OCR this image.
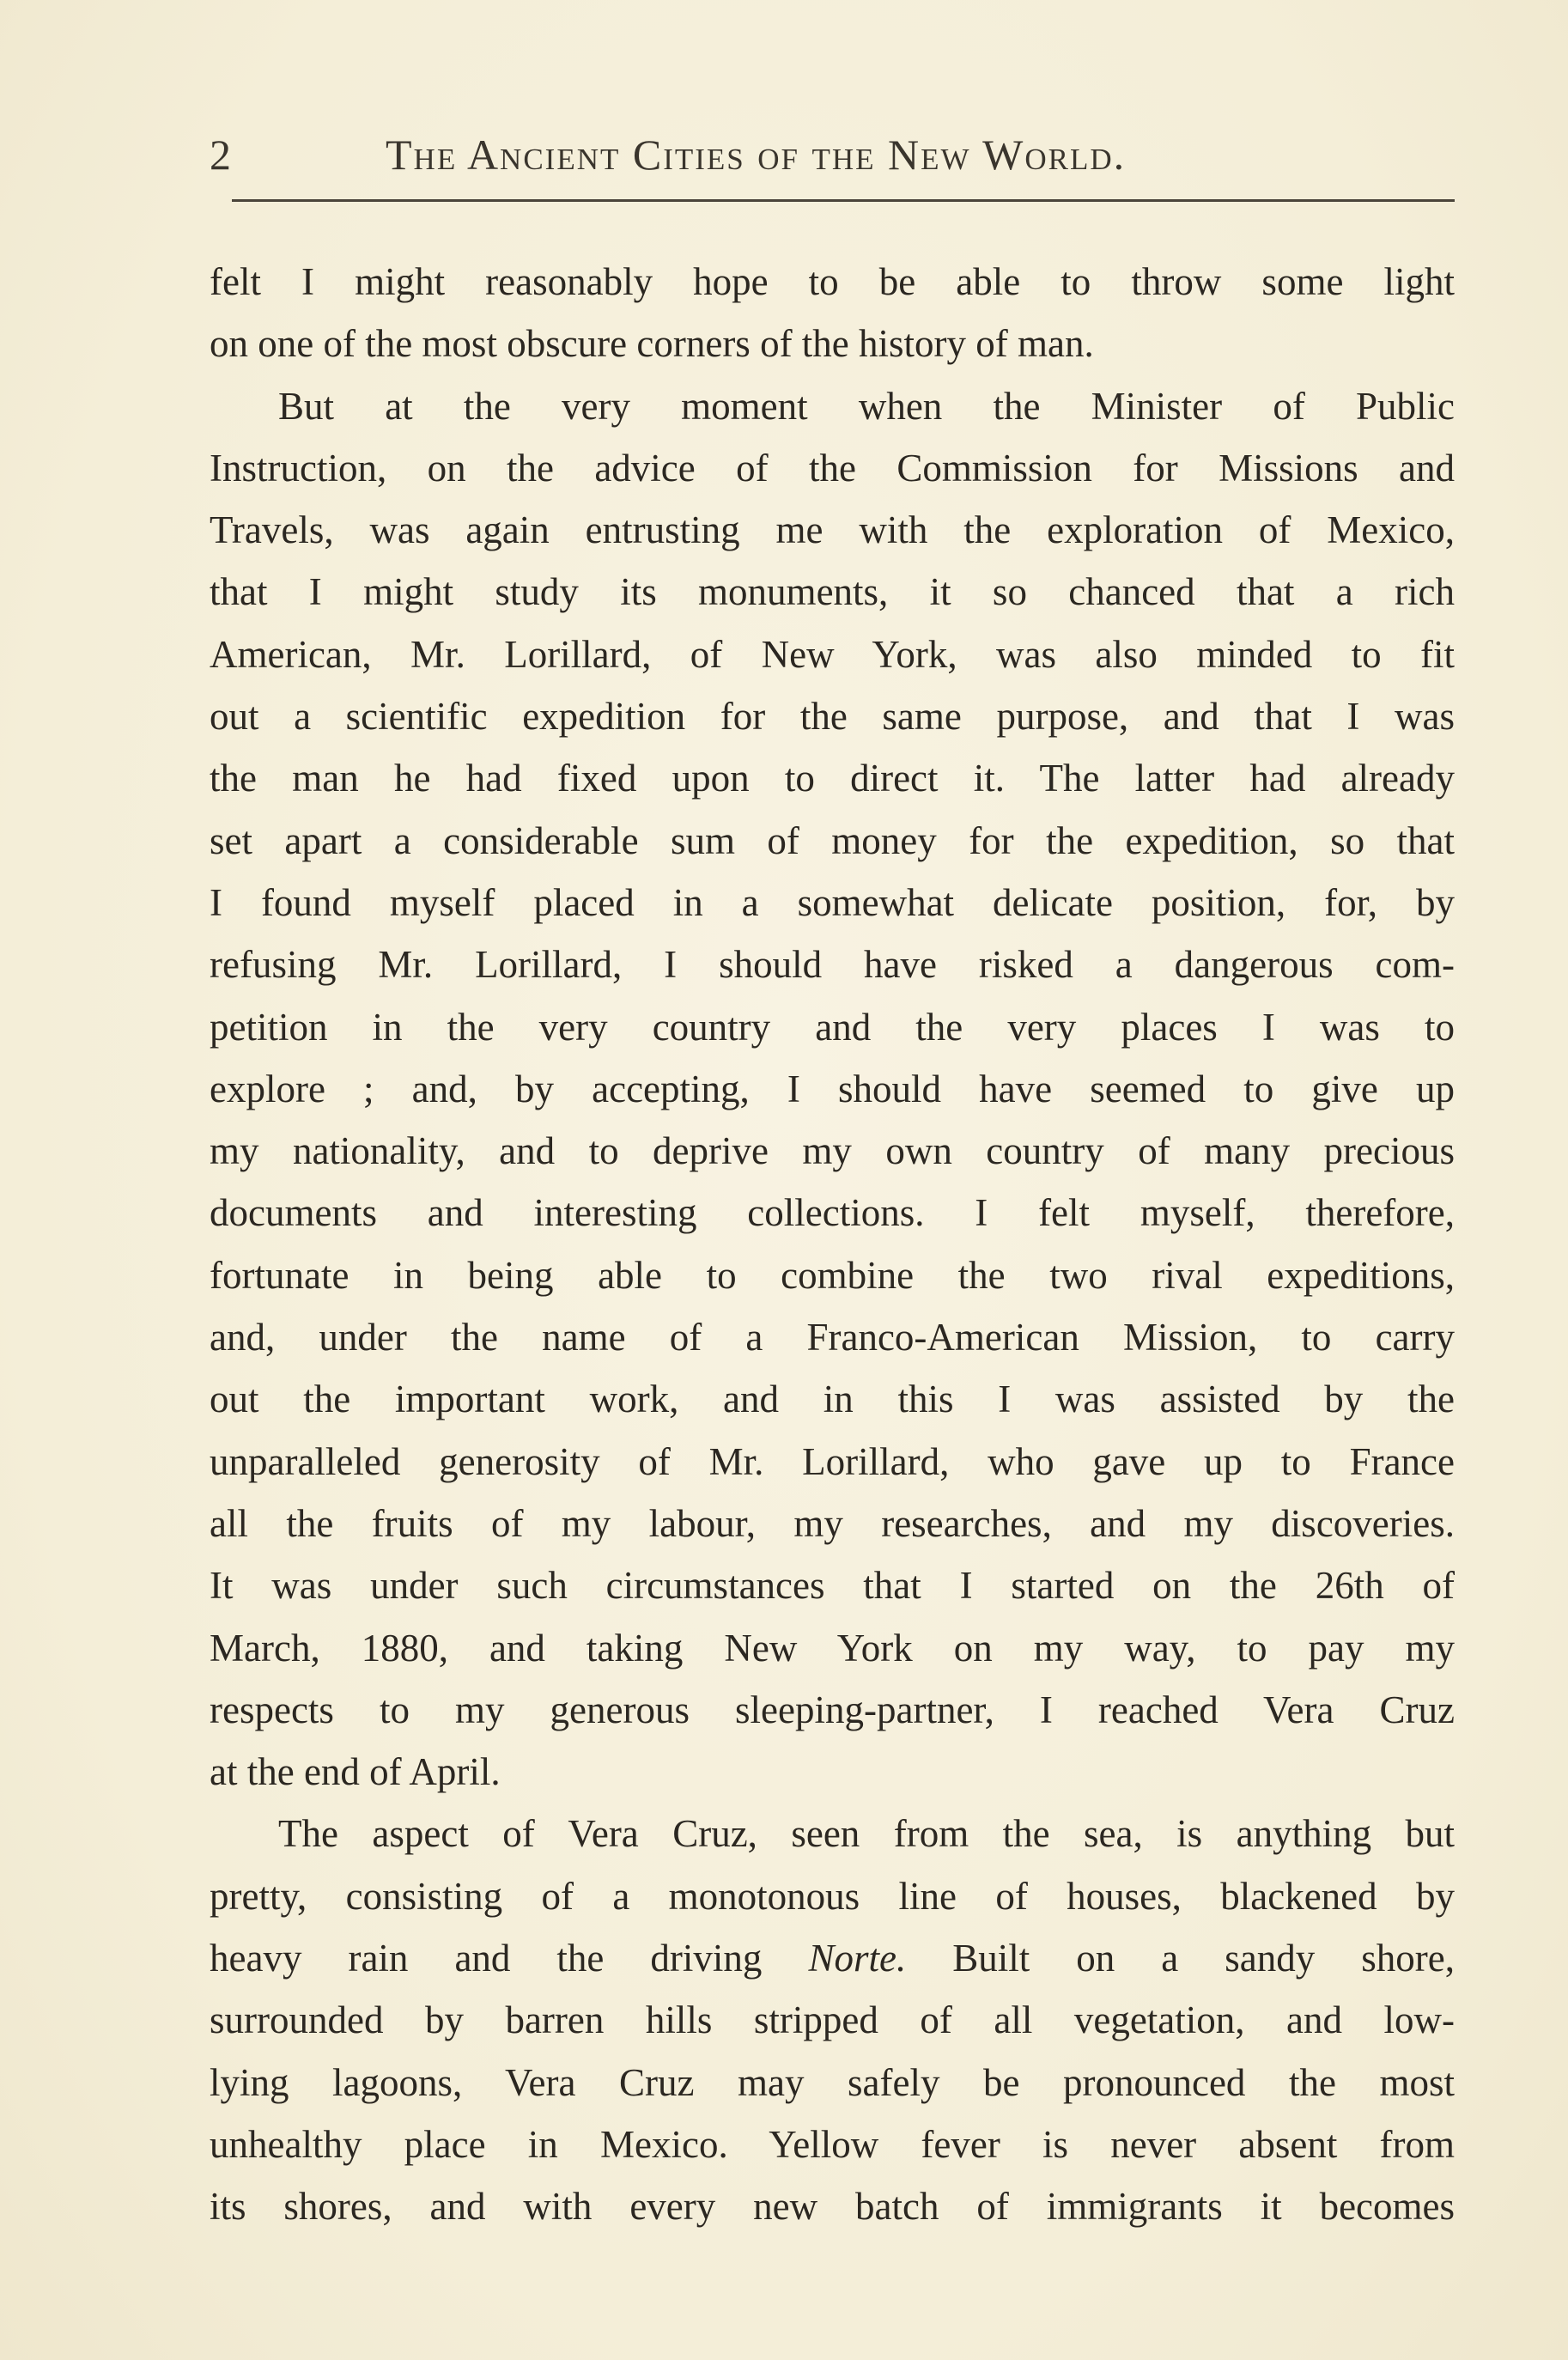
2	The Ancient Cities of the New World.
felt I might reasonably hope to be able to throw some light
on one of the most obscure corners of the history of man.
But at the very moment when the Minister of Public
Instruction, on the advice of the Commission for Missions and
Travels, was again entrusting me with the exploration of Mexico,
that I might study its monuments, it so chanced that a rich
American, Mr. Lorillard, of New York, was also minded to fit
out a scientific expedition for the same purpose, and that I was
the man he had fixed upon to direct it. The latter had already
set apart a considerable sum of money for the expedition, so that
I found myself placed in a somewhat delicate position, for, by
refusing Mr. Lorillard, I should have risked a dangerous com-
petition in the very country and the very places I was to
explore ; and, by accepting, I should have seemed to give up
my nationality, and to deprive my own country of many precious
documents and interesting collections. I felt myself, therefore,
fortunate in being able to combine the two rival expeditions,
and, under the name of a Franco-American Mission, to carry
out the important work, and in this I was assisted by the
unparalleled generosity of Mr. Lorillard, who gave up to France
all the fruits of my labour, my researches, and my discoveries.
It was under such circumstances that I started on the 26th of
March, 1880, and taking New York on my way, to pay my
respects to my generous sleeping-partner, I reached Vera Cruz
at the end of April.
The aspect of Vera Cruz, seen from the sea, is anything but
pretty, consisting of a monotonous line of houses, blackened by
heavy rain and the driving Norte. Built on a sandy shore,
surrounded by barren hills stripped of all vegetation, and low-
lying lagoons, Vera Cruz may safely be pronounced the most
unhealthy place in Mexico. Yellow fever is never absent from
its shores, and with every new batch of immigrants it becomes
